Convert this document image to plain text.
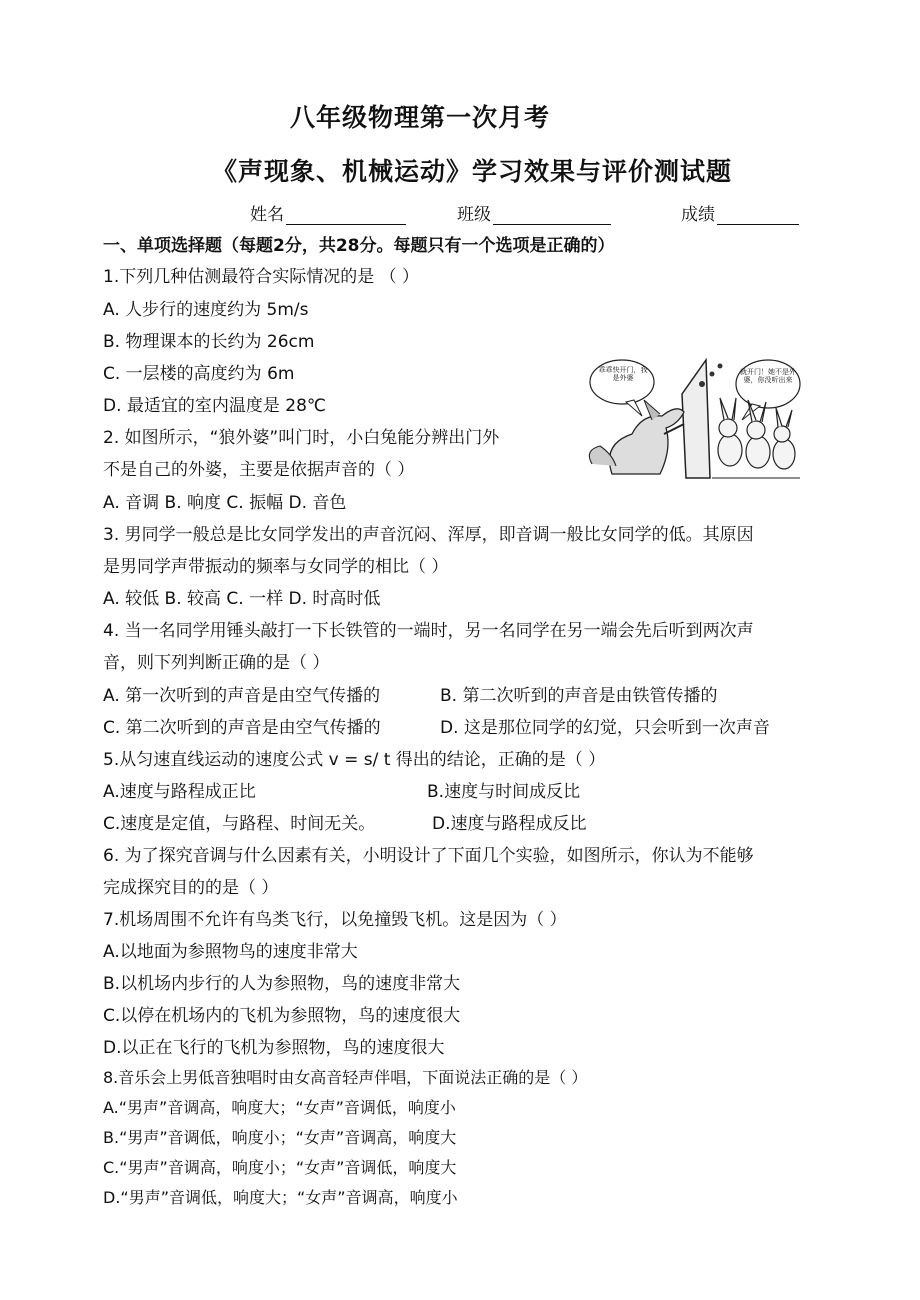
八年级物理第一次月考
《声现象、机械运动》学习效果与评价测试题
姓名	班级	成绩
一、单项选择题（每题2分，共28分。每题只有一个选项是正确的）
1.下列几种估测最符合实际情况的是 （ ）
A. 人步行的速度约为 5m/s
B. 物理课本的长约为 26cm
C. 一层楼的高度约为 6m
D. 最适宜的室内温度是 28℃
2. 如图所示，“狼外婆”叫门时，小白兔能分辨出门外
不是自己的外婆，主要是依据声音的（ ）
A. 音调 B. 响度 C. 振幅 D. 音色
乖乖快开门，我是外婆
就开门！她不是外婆，你没听出来
3. 男同学一般总是比女同学发出的声音沉闷、浑厚，即音调一般比女同学的低。其原因
是男同学声带振动的频率与女同学的相比（ ）
A. 较低 B. 较高 C. 一样 D. 时高时低
4. 当一名同学用锤头敲打一下长铁管的一端时，另一名同学在另一端会先后听到两次声
音，则下列判断正确的是（ ）
A. 第一次听到的声音是由空气传播的	B. 第二次听到的声音是由铁管传播的
C. 第二次听到的声音是由空气传播的	D. 这是那位同学的幻觉，只会听到一次声音
5.从匀速直线运动的速度公式 v = s/ t 得出的结论，正确的是（ ）
A.速度与路程成正比	B.速度与时间成反比
C.速度是定值，与路程、时间无关。	D.速度与路程成反比
6. 为了探究音调与什么因素有关，小明设计了下面几个实验，如图所示，你认为不能够
完成探究目的的是（ ）
7.机场周围不允许有鸟类飞行，以免撞毁飞机。这是因为（ ）
A.以地面为参照物鸟的速度非常大
B.以机场内步行的人为参照物，鸟的速度非常大
C.以停在机场内的飞机为参照物，鸟的速度很大
D.以正在飞行的飞机为参照物，鸟的速度很大
8.音乐会上男低音独唱时由女高音轻声伴唱，下面说法正确的是（ ）
A.“男声”音调高，响度大；“女声”音调低，响度小
B.“男声”音调低，响度小；“女声”音调高，响度大
C.“男声”音调高，响度小；“女声”音调低，响度大
D.“男声”音调低，响度大；“女声”音调高，响度小
